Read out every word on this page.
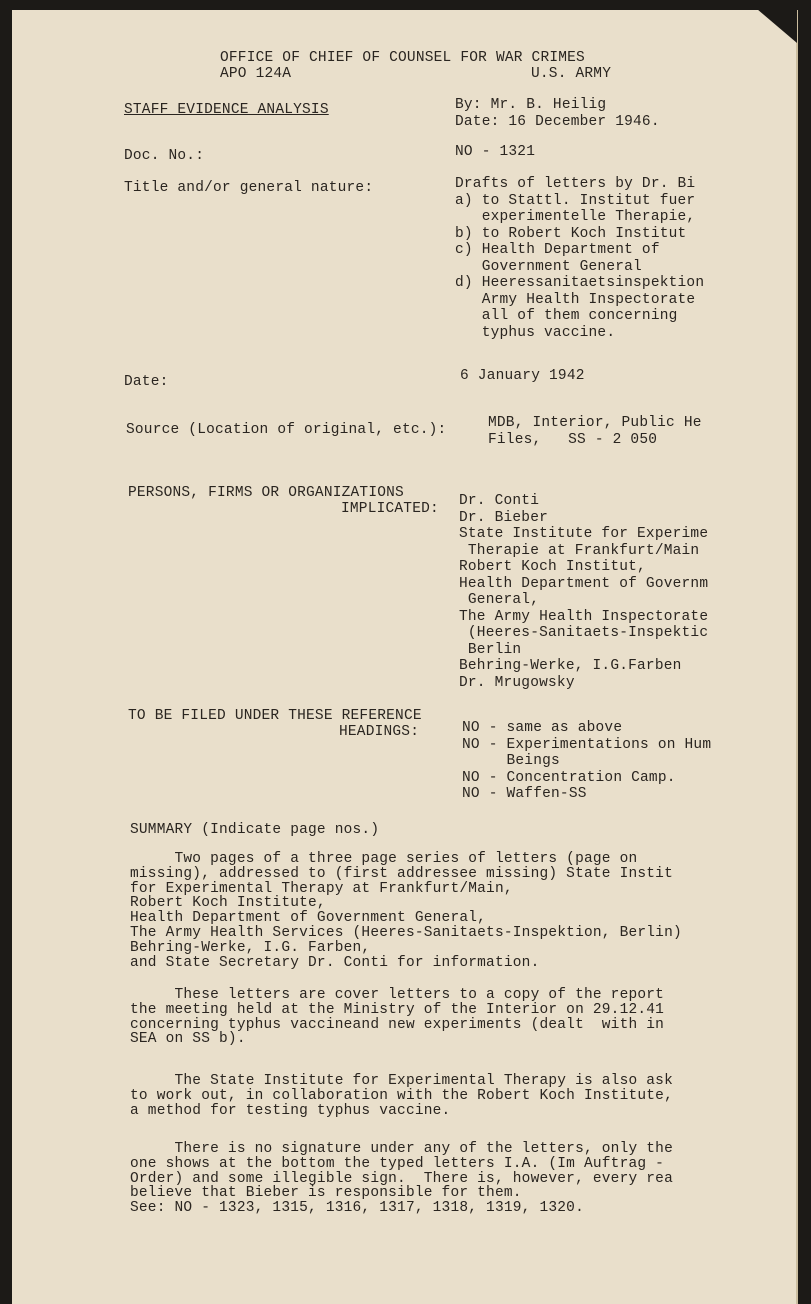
OFFICE OF CHIEF OF COUNSEL FOR WAR CRIMES
APO 124A	U.S. ARMY
STAFF EVIDENCE ANALYSIS	By: Mr. B. Heilig
Date: 16 December 1946.
Doc. No.:	NO - 1321
Title and/or general nature:	Drafts of letters by Dr. Bi
a) to Stattl. Institut fuer
experimentelle Therapie,
b) to Robert Koch Institut
c) Health Department of
Government General
d) Heeressanitaetsinspektion
Army Health Inspectorate
all of them concerning
typhus vaccine.
Date:	6 January 1942
Source (Location of original, etc.):	MDB, Interior, Public He
Files,   SS - 2 050
PERSONS, FIRMS OR ORGANIZATIONS
IMPLICATED: Dr. Conti
Dr. Bieber
State Institute for Experime
Therapie at Frankfurt/Main
Robert Koch Institut,
Health Department of Governm
General,
The Army Health Inspectorate
(Heeres-Sanitaets-Inspektic
Berlin
Behring-Werke, I.G.Farben
Dr. Mrugowsky
TO BE FILED UNDER THESE REFERENCE
HEADINGS:	NO - same as above
NO - Experimentations on Hum
Beings
NO - Concentration Camp.
NO - Waffen-SS
SUMMARY (Indicate page nos.)
Two pages of a three page series of letters (page on
missing), addressed to (first addressee missing) State Instit
for Experimental Therapy at Frankfurt/Main,
Robert Koch Institute,
Health Department of Government General,
The Army Health Services (Heeres-Sanitaets-Inspektion, Berlin)
Behring-Werke, I.G. Farben,
and State Secretary Dr. Conti for information.
These letters are cover letters to a copy of the report
the meeting held at the Ministry of the Interior on 29.12.41
concerning typhus vaccineand new experiments (dealt  with in
SEA on SS b).
The State Institute for Experimental Therapy is also ask
to work out, in collaboration with the Robert Koch Institute,
a method for testing typhus vaccine.
There is no signature under any of the letters, only the
one shows at the bottom the typed letters I.A. (Im Auftrag -
Order) and some illegible sign.  There is, however, every rea
believe that Bieber is responsible for them.
See: NO - 1323, 1315, 1316, 1317, 1318, 1319, 1320.
